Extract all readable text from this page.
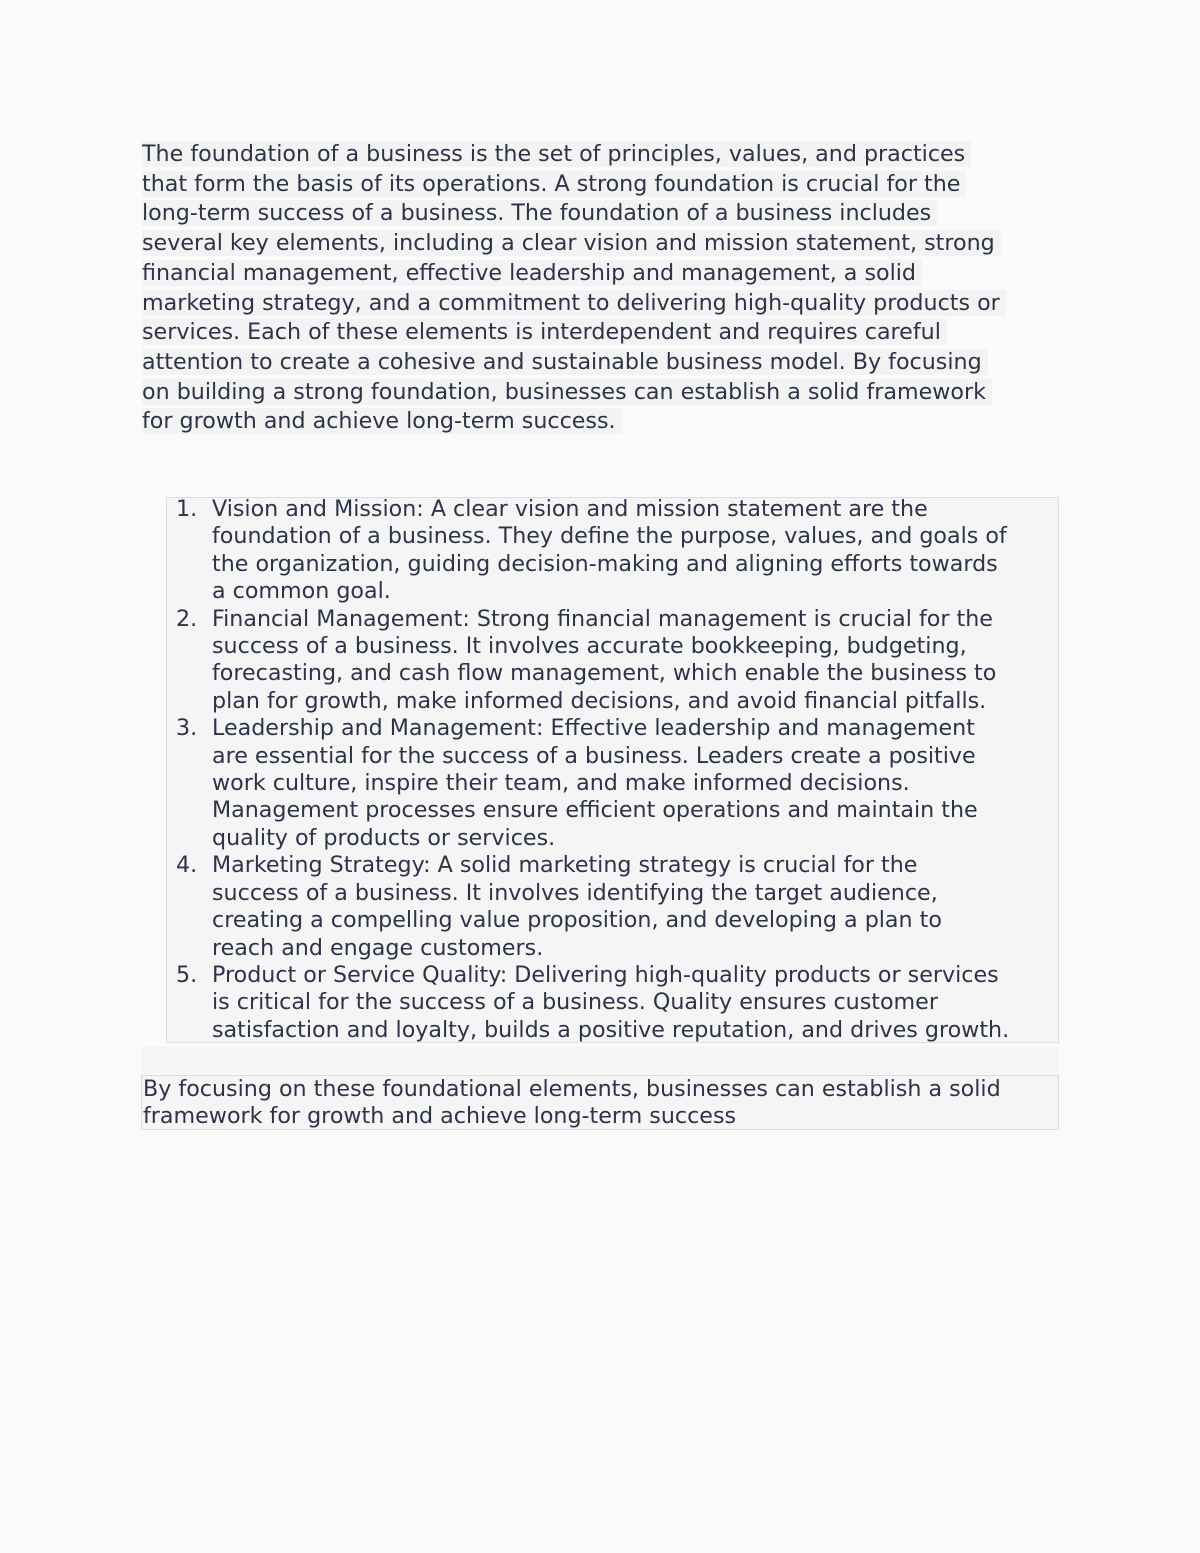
The foundation of a business is the set of principles, values, and practices
that form the basis of its operations. A strong foundation is crucial for the
long-term success of a business. The foundation of a business includes
several key elements, including a clear vision and mission statement, strong
financial management, effective leadership and management, a solid
marketing strategy, and a commitment to delivering high-quality products or
services. Each of these elements is interdependent and requires careful
attention to create a cohesive and sustainable business model. By focusing
on building a strong foundation, businesses can establish a solid framework
for growth and achieve long-term success.

1. Vision and Mission: A clear vision and mission statement are the
foundation of a business. They define the purpose, values, and goals of
the organization, guiding decision-making and aligning efforts towards
a common goal.
2. Financial Management: Strong financial management is crucial for the
success of a business. It involves accurate bookkeeping, budgeting,
forecasting, and cash flow management, which enable the business to
plan for growth, make informed decisions, and avoid financial pitfalls.
3. Leadership and Management: Effective leadership and management
are essential for the success of a business. Leaders create a positive
work culture, inspire their team, and make informed decisions.
Management processes ensure efficient operations and maintain the
quality of products or services.
4. Marketing Strategy: A solid marketing strategy is crucial for the
success of a business. It involves identifying the target audience,
creating a compelling value proposition, and developing a plan to
reach and engage customers.
5. Product or Service Quality: Delivering high-quality products or services
is critical for the success of a business. Quality ensures customer
satisfaction and loyalty, builds a positive reputation, and drives growth.
By focusing on these foundational elements, businesses can establish a solid
framework for growth and achieve long-term success
